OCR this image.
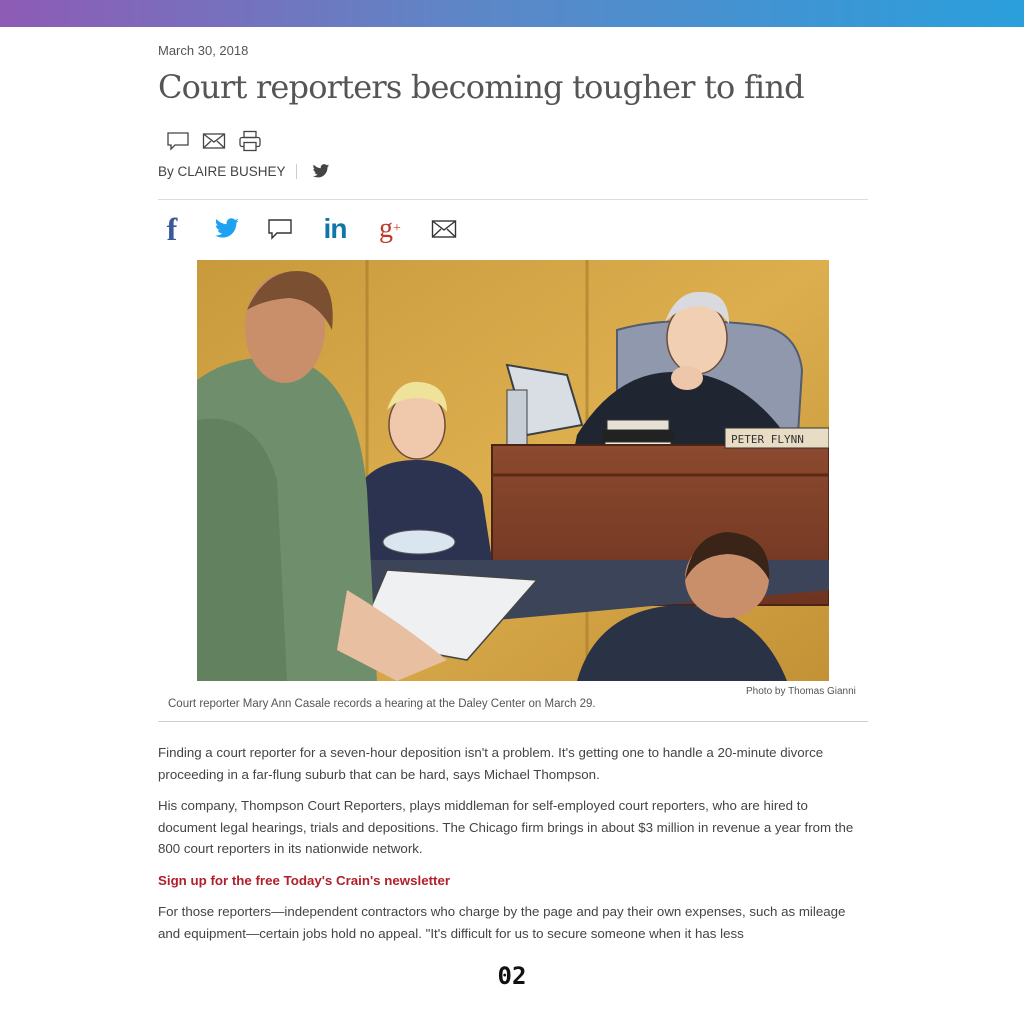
March 30, 2018
Court reporters becoming tougher to find
By CLAIRE BUSHEY
f	in g +
PETER FLYNN
Photo by Thomas Gianni
Court reporter Mary Ann Casale records a hearing at the Daley Center on March 29.

Finding a court reporter for a seven-hour deposition isn't a problem. It's getting one to handle a 20-minute divorce proceeding in a far-flung suburb that can be hard, says Michael Thompson.

His company, Thompson Court Reporters, plays middleman for self-employed court reporters, who are hired to document legal hearings, trials and depositions. The Chicago firm brings in about $3 million in revenue a year from the 800 court reporters in its nationwide network.

Sign up for the free Today's Crain's newsletter

For those reporters—independent contractors who charge by the page and pay their own expenses, such as mileage and equipment—certain jobs hold no appeal. "It's difficult for us to secure someone when it has less

02
